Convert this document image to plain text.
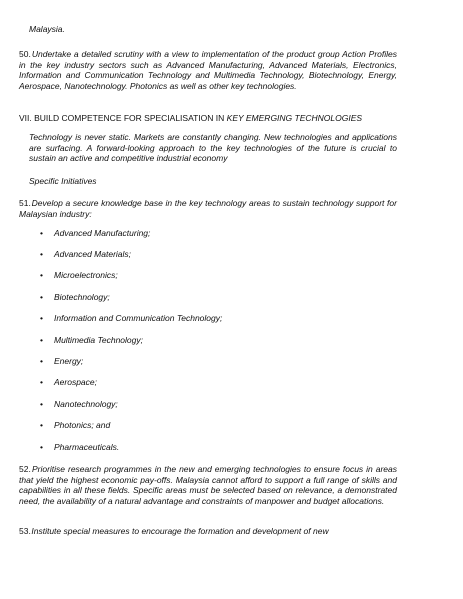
Malaysia.
50. Undertake a detailed scrutiny with a view to implementation of the product group Action Profiles in the key industry sectors such as Advanced Manufacturing, Advanced Materials, Electronics, Information and Communication Technology and Multimedia Technology, Biotechnology, Energy, Aerospace, Nanotechnology. Photonics as well as other key technologies.
VII. BUILD COMPETENCE FOR SPECIALISATION IN KEY EMERGING TECHNOLOGIES
Technology is never static. Markets are constantly changing. New technologies and applications are surfacing. A forward-looking approach to the key technologies of the future is crucial to sustain an active and competitive industrial economy
Specific Initiatives
51. Develop a secure knowledge base in the key technology areas to sustain technology support for Malaysian industry:
• Advanced Manufacturing;
• Advanced Materials;
• Microelectronics;
• Biotechnology;
• Information and Communication Technology;
• Multimedia Technology;
• Energy;
• Aerospace;
• Nanotechnology;
• Photonics; and
• Pharmaceuticals.
52. Prioritise research programmes in the new and emerging technologies to ensure focus in areas that yield the highest economic pay-offs. Malaysia cannot afford to support a full range of skills and capabilities in all these fields. Specific areas must be selected based on relevance, a demonstrated need, the availability of a natural advantage and constraints of manpower and budget allocations.
53. Institute special measures to encourage the formation and development of new
